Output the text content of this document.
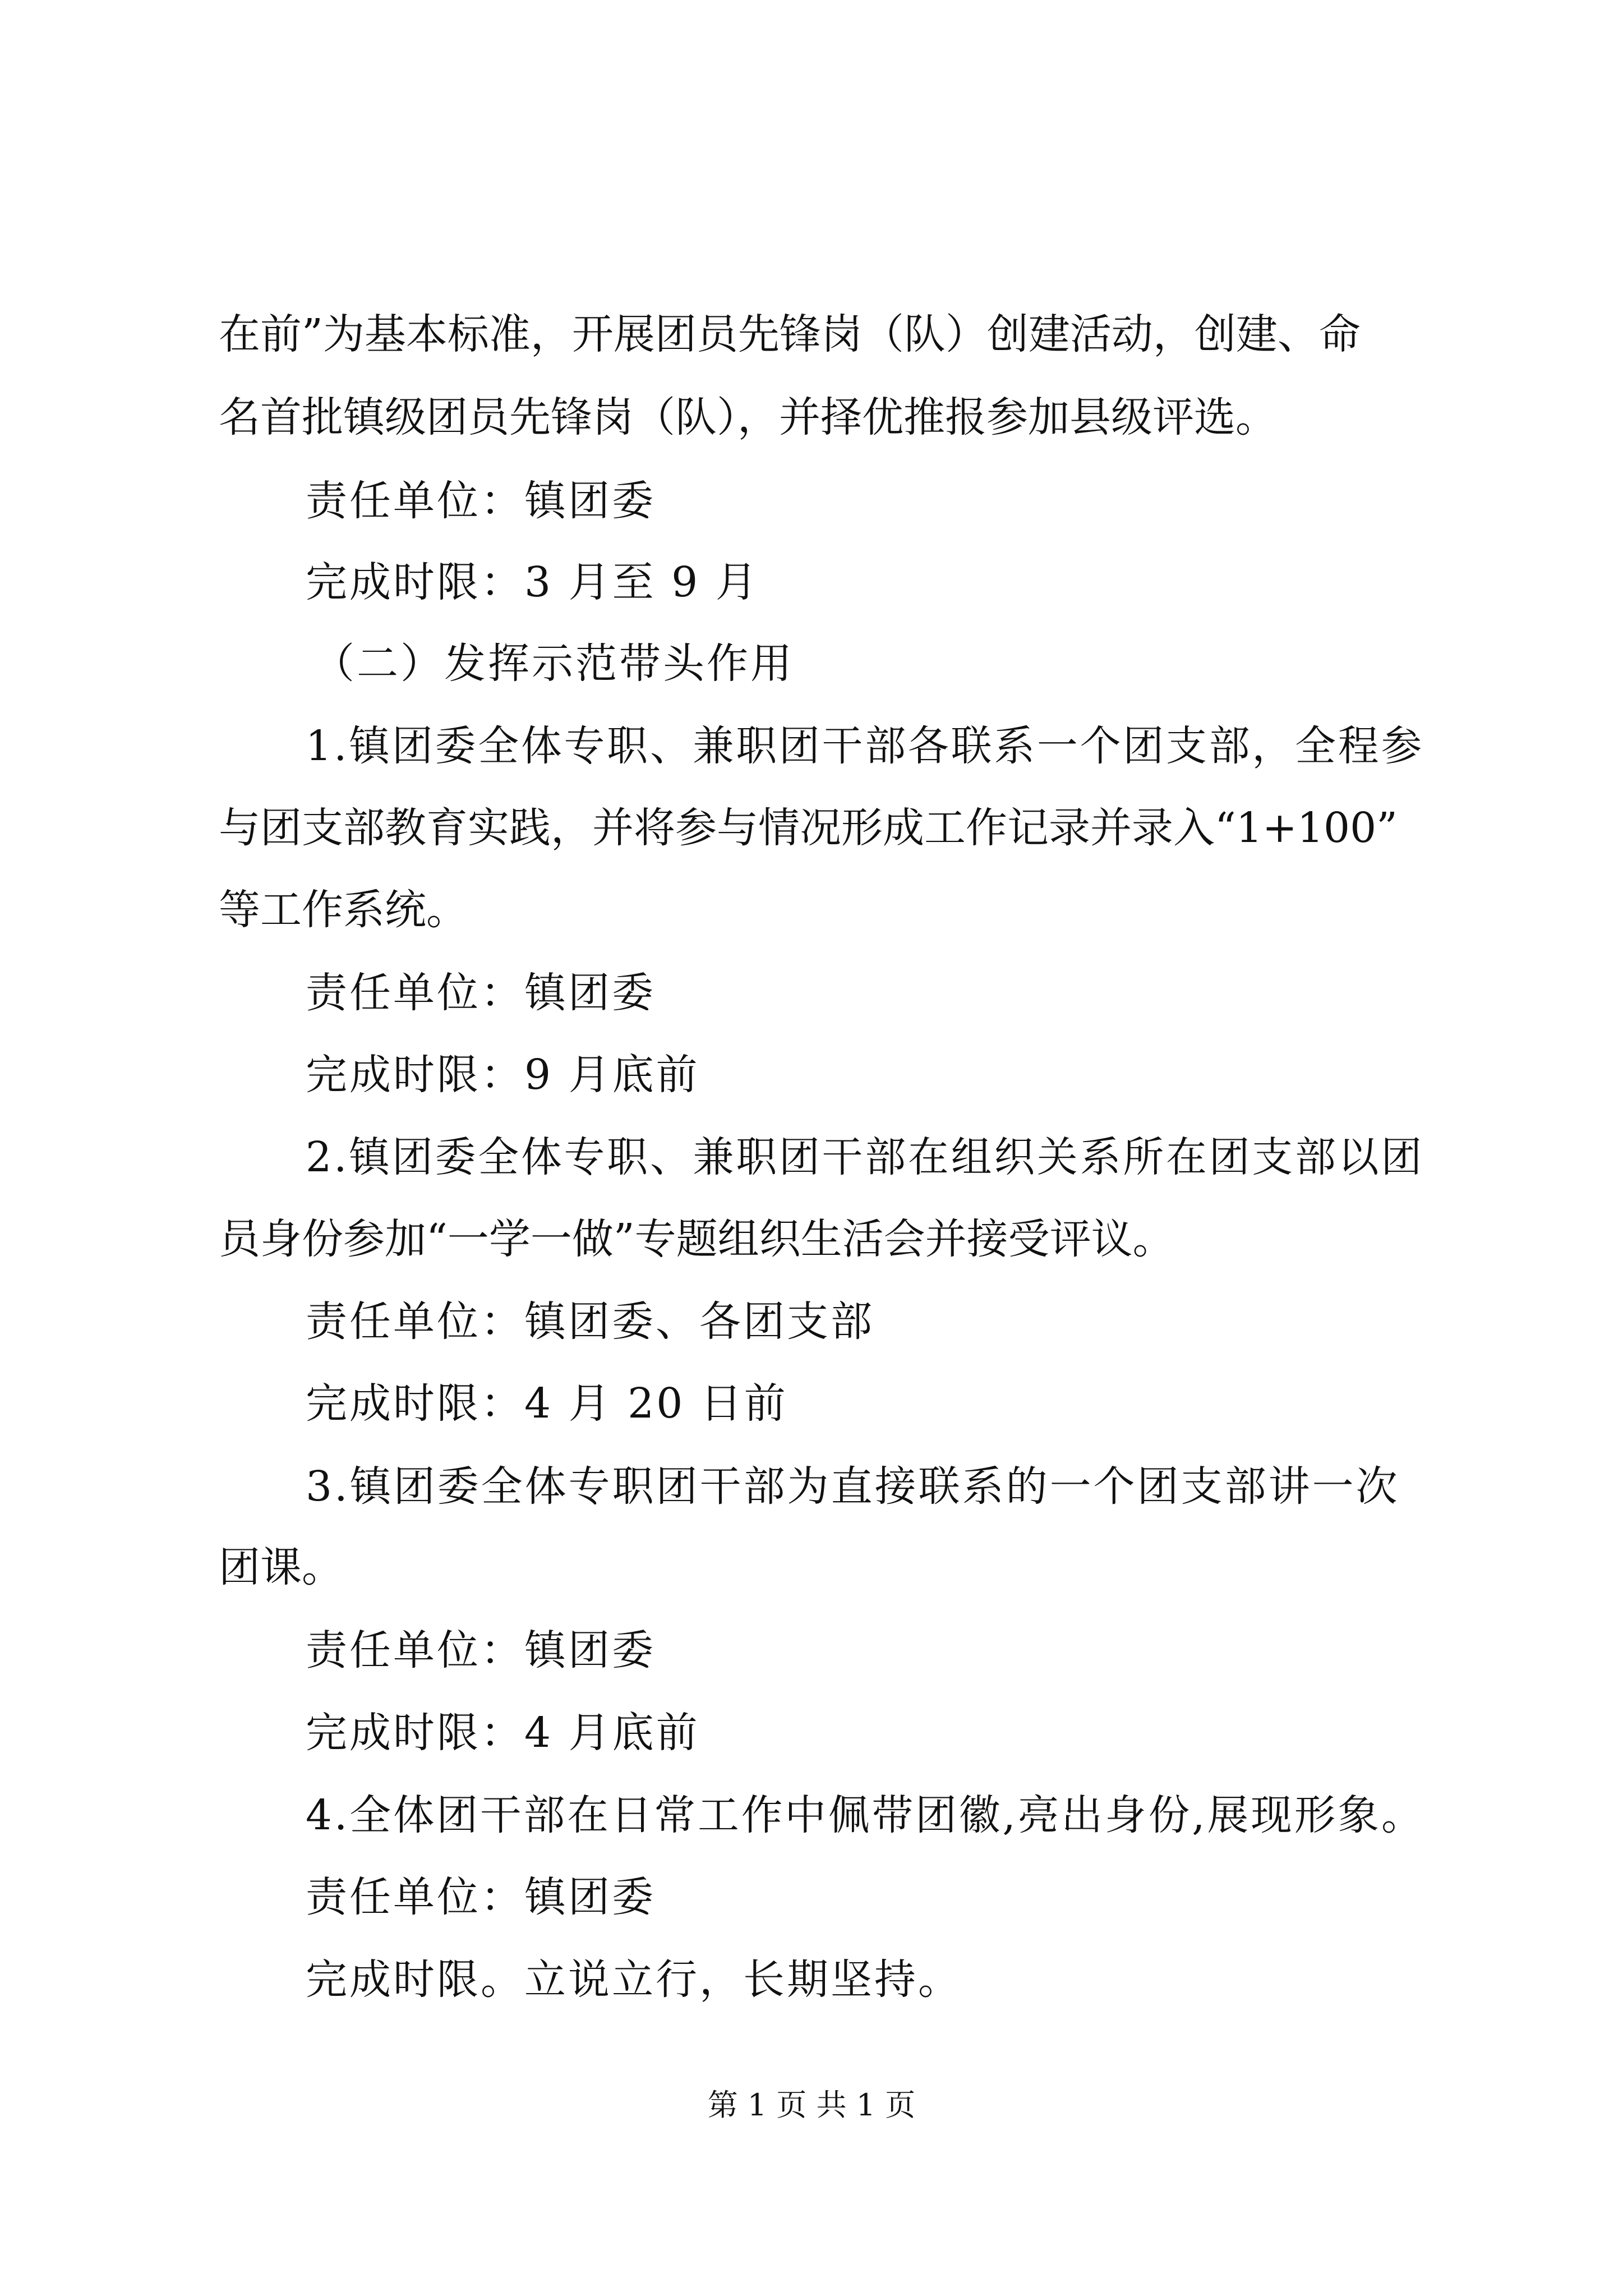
在前”为基本标准，开展团员先锋岗（队）创建活动，创建、命
名首批镇级团员先锋岗（队），并择优推报参加县级评选。
责任单位：镇团委
完成时限：3 月至 9 月
（二）发挥示范带头作用
1.镇团委全体专职、兼职团干部各联系一个团支部，全程参
与团支部教育实践，并将参与情况形成工作记录并录入“1+100”
等工作系统。
责任单位：镇团委
完成时限：9 月底前
2.镇团委全体专职、兼职团干部在组织关系所在团支部以团
员身份参加“一学一做”专题组织生活会并接受评议。
责任单位：镇团委、各团支部
完成时限：4 月 20 日前
3.镇团委全体专职团干部为直接联系的一个团支部讲一次
团课。
责任单位：镇团委
完成时限：4 月底前
4.全体团干部在日常工作中佩带团徽,亮出身份,展现形象。
责任单位：镇团委
完成时限。立说立行，长期坚持。
第 1 页 共 1 页
